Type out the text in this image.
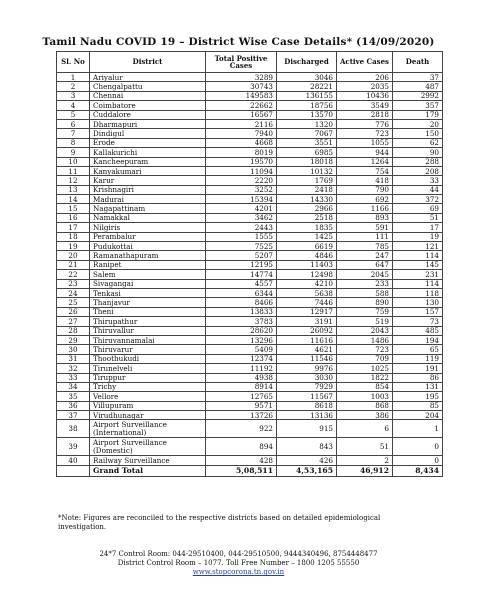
Tamil Nadu COVID 19 – District Wise Case Details* (14/09/2020)
Sl. No	District	Total Positive Cases	Discharged	Active Cases	Death
1	Ariyalur	3289	3046	206	37
2	Chengalpattu	30743	28221	2035	487
3	Chennai	149583	136155	10436	2992
4	Coimbatore	22662	18756	3549	357
5	Cuddalore	16567	13570	2818	179
6	Dharmapuri	2116	1320	776	20
7	Dindigul	7940	7067	723	150
8	Erode	4668	3551	1055	62
9	Kallakurichi	8019	6985	944	90
10	Kancheepuram	19570	18018	1264	288
11	Kanyakumari	11094	10132	754	208
12	Karur	2220	1769	418	33
13	Krishnagiri	3252	2418	790	44
14	Madurai	15394	14330	692	372
15	Nagapattinam	4201	2966	1166	69
16	Namakkal	3462	2518	893	51
17	Nilgiris	2443	1835	591	17
18	Perambalur	1555	1425	111	19
19	Pudukottai	7525	6619	785	121
20	Ramanathapuram	5207	4846	247	114
21	Ranipet	12195	11403	647	145
22	Salem	14774	12498	2045	231
23	Sivagangai	4557	4210	233	114
24	Tenkasi	6344	5638	588	118
25	Thanjavur	8466	7446	890	130
26	Theni	13833	12917	759	157
27	Thirupathur	3783	3191	519	73
28	Thiruvallur	28620	26092	2043	485
29	Thiruvannamalai	13296	11616	1486	194
30	Thiruvarur	5409	4621	723	65
31	Thoothukudi	12374	11546	709	119
32	Tirunelveli	11192	9976	1025	191
33	Tiruppur	4938	3030	1822	86
34	Trichy	8914	7929	854	131
35	Vellore	12765	11567	1003	195
36	Villupuram	9571	8618	868	85
37	Virudhunagar	13726	13136	386	204
38	Airport Surveillance (International)	922	915	6	1
39	Airport Surveillance (Domestic)	894	843	51	0
40	Railway Surveillance	428	426	2	0
	Grand Total	5,08,511	4,53,165	46,912	8,434
*Note: Figures are reconciled to the respective districts based on detailed epidemiological investigation.
24*7 Control Room: 044-29510400, 044-29510500, 9444340496, 8754448477
District Control Room – 1077. Toll Free Number – 1800 1205 55550
www.stopcorona.tn.gov.in
